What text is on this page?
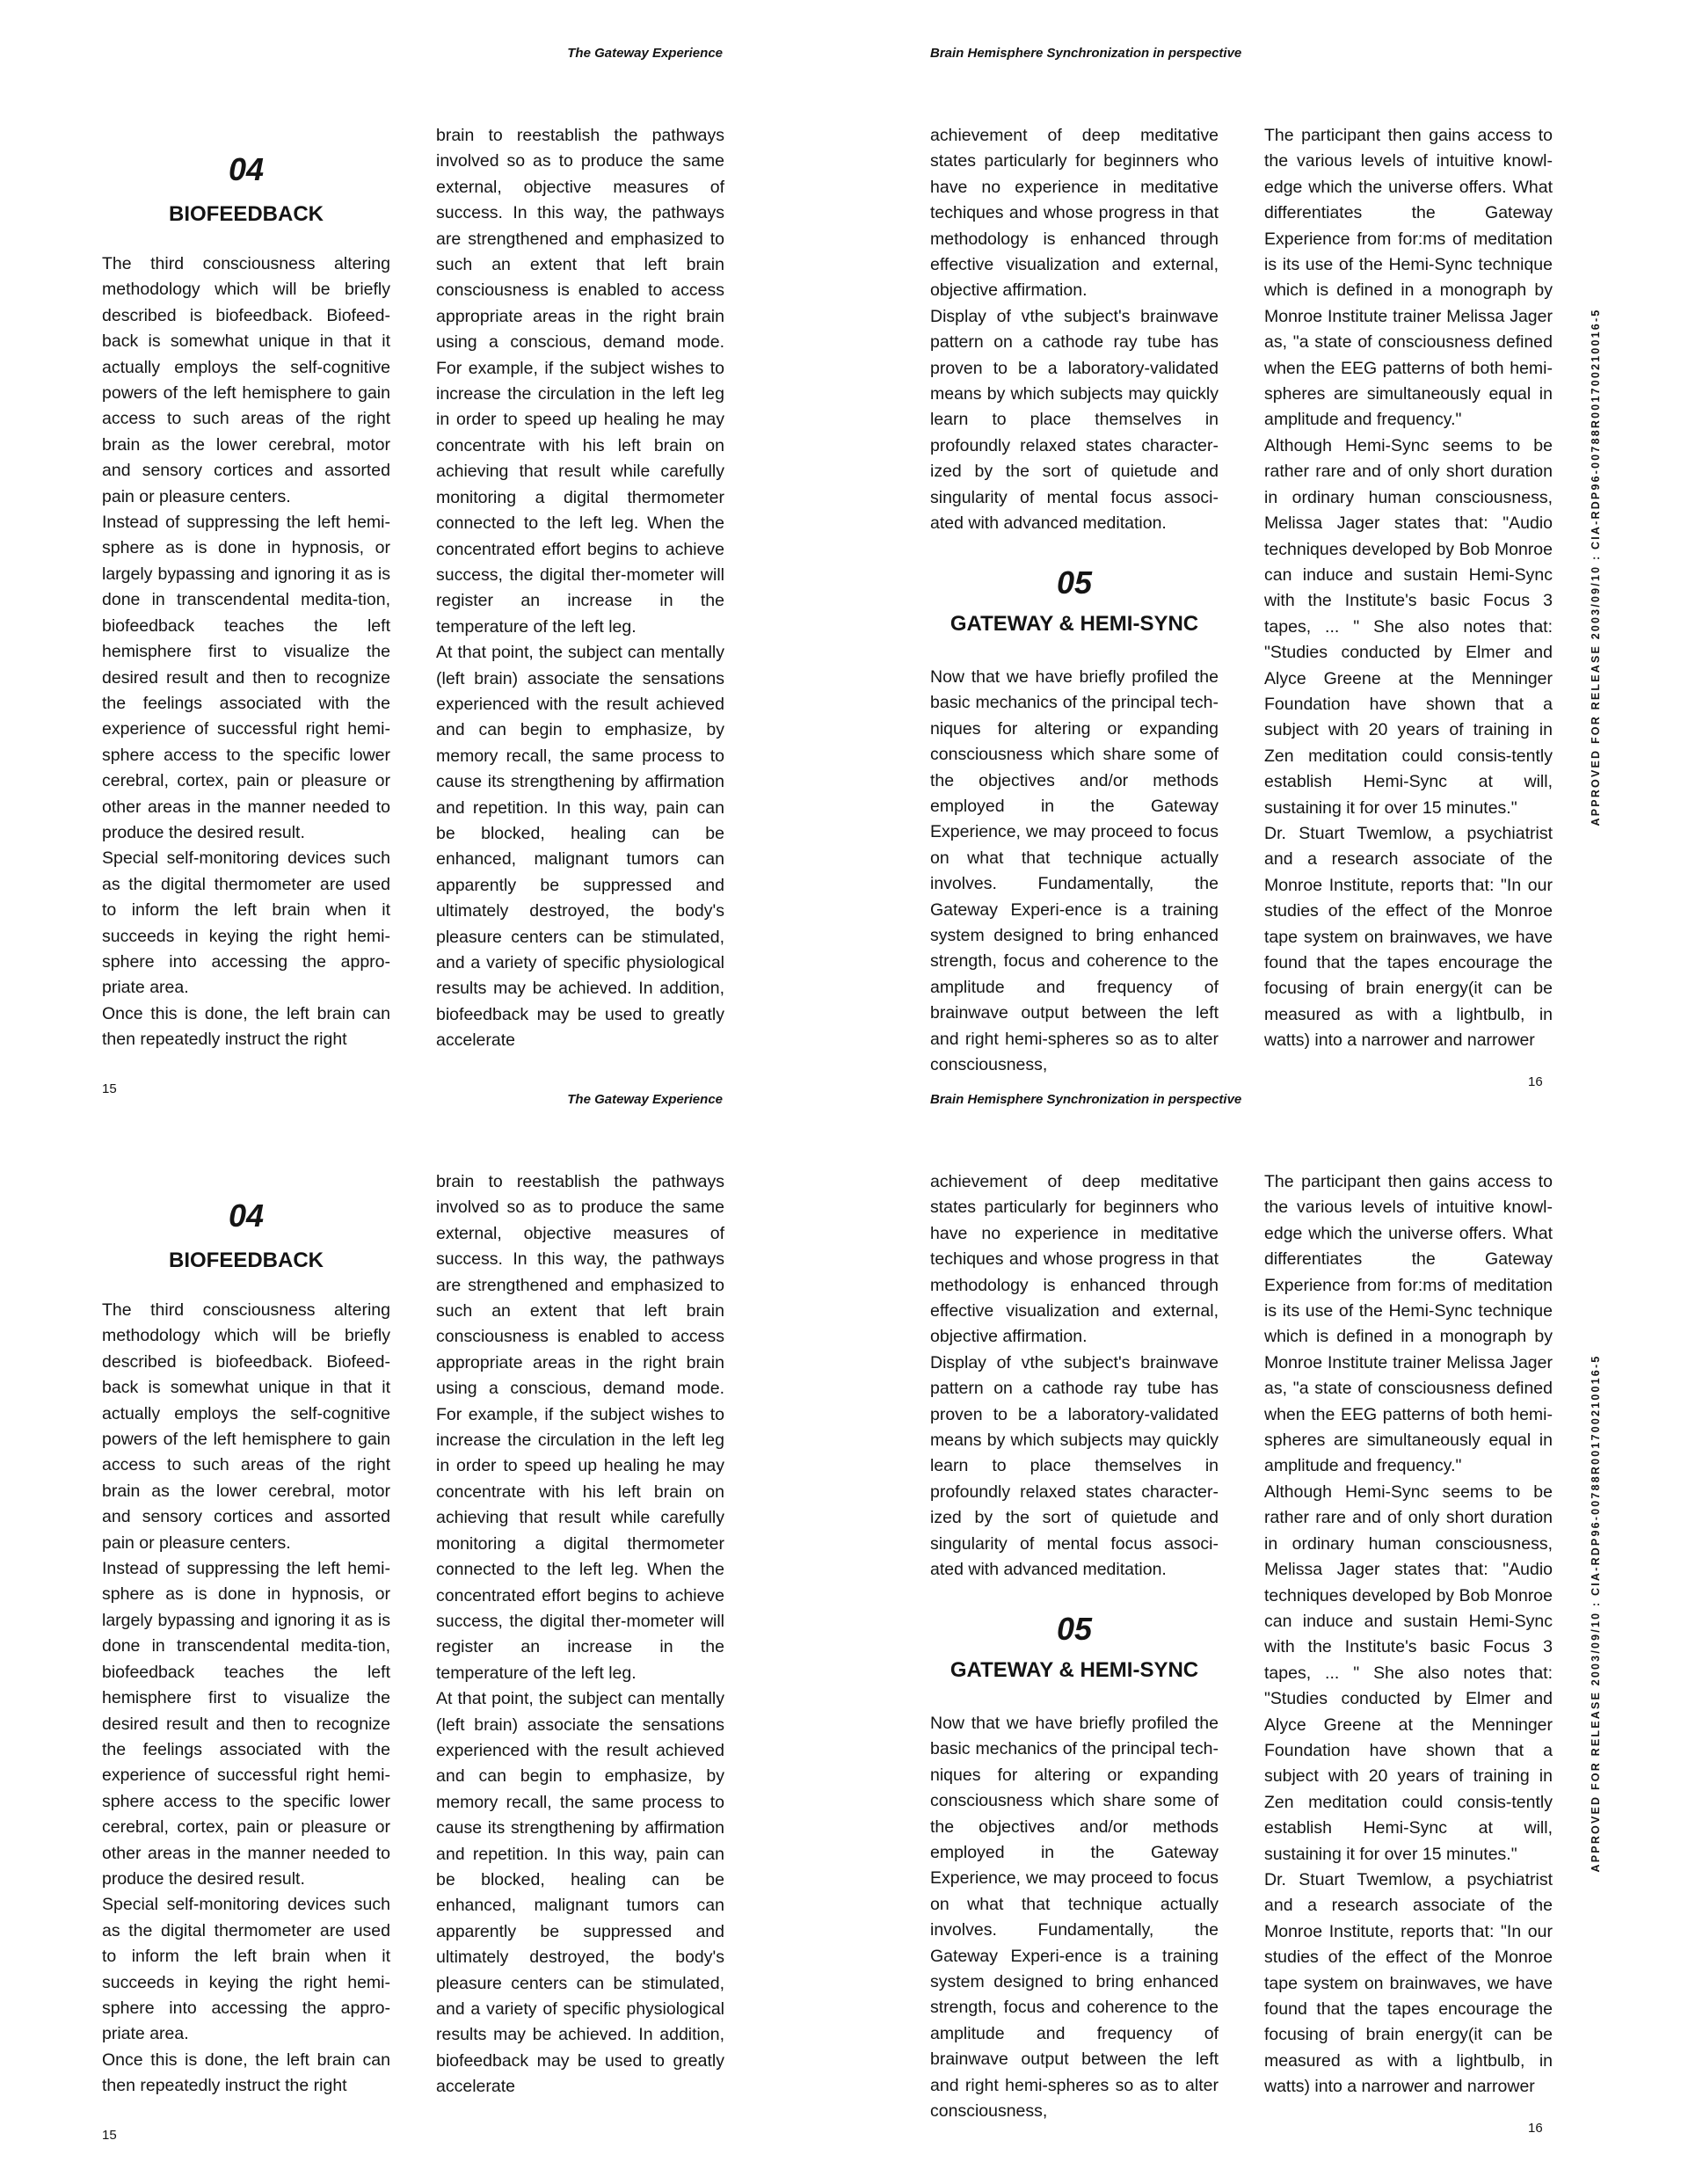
The Gateway Experience	Brain Hemisphere Synchronization in perspective
04
BIOFEEDBACK

The third consciousness altering methodology which will be briefly described is biofeedback. Biofeed-back is somewhat unique in that it actually employs the self-cognitive powers of the left hemisphere to gain access to such areas of the right brain as the lower cerebral, motor and sensory cortices and assorted pain or pleasure centers.

Instead of suppressing the left hemi-sphere as is done in hypnosis, or largely bypassing and ignoring it as is done in transcendental medita-tion, biofeedback teaches the left hemisphere first to visualize the desired result and then to recognize the feelings associated with the experience of successful right hemi-sphere access to the specific lower cerebral, cortex, pain or pleasure or other areas in the manner needed to produce the desired result.

Special self-monitoring devices such as the digital thermometer are used to inform the left brain when it succeeds in keying the right hemi-sphere into accessing the appro-priate area.

Once this is done, the left brain can then repeatedly instruct the right

brain to reestablish the pathways involved so as to produce the same external, objective measures of success. In this way, the pathways are strengthened and emphasized to such an extent that left brain consciousness is enabled to access appropriate areas in the right brain using a conscious, demand mode. For example, if the subject wishes to increase the circulation in the left leg in order to speed up healing he may concentrate with his left brain on achieving that result while carefully monitoring a digital thermometer connected to the left leg. When the concentrated effort begins to achieve success, the digital ther-mometer will register an increase in the temperature of the left leg.

At that point, the subject can mentally (left brain) associate the sensations experienced with the result achieved and can begin to emphasize, by memory recall, the same process to cause its strengthening by affirmation and repetition. In this way, pain can be blocked, healing can be enhanced, malignant tumors can apparently be suppressed and ultimately destroyed, the body's pleasure centers can be stimulated, and a variety of specific physiological results may be achieved. In addition, biofeedback may be used to greatly accelerate

achievement of deep meditative states particularly for beginners who have no experience in meditative techiques and whose progress in that methodology is enhanced through effective visualization and external, objective affirmation.

Display of vthe subject's brainwave pattern on a cathode ray tube has proven to be a laboratory-validated means by which subjects may quickly learn to place themselves in profoundly relaxed states character-ized by the sort of quietude and singularity of mental focus associ-ated with advanced meditation.

05
GATEWAY & HEMI-SYNC

Now that we have briefly profiled the basic mechanics of the principal tech-niques for altering or expanding consciousness which share some of the objectives and/or methods employed in the Gateway Experience, we may proceed to focus on what that technique actually involves. Fundamentally, the Gateway Experi-ence is a training system designed to bring enhanced strength, focus and coherence to the amplitude and frequency of brainwave output between the left and right hemi-spheres so as to alter consciousness,

The participant then gains access to the various levels of intuitive knowl-edge which the universe offers. What differentiates the Gateway Experience from for:ms of meditation is its use of the Hemi-Sync technique which is defined in a monograph by Monroe Institute trainer Melissa Jager as, "a state of consciousness defined when the EEG patterns of both hemi-spheres are simultaneously equal in amplitude and frequency."

Although Hemi-Sync seems to be rather rare and of only short duration in ordinary human consciousness, Melissa Jager states that: "Audio techniques developed by Bob Monroe can induce and sustain Hemi-Sync with the Institute's basic Focus 3 tapes, ... " She also notes that: "Studies conducted by Elmer and Alyce Greene at the Menninger Foundation have shown that a subject with 20 years of training in Zen meditation could consis-tently establish Hemi-Sync at will, sustaining it for over 15 minutes."

Dr. Stuart Twemlow, a psychiatrist and a research associate of the Monroe Institute, reports that: "In our studies of the effect of the Monroe tape system on brainwaves, we have found that the tapes encourage the focusing of brain energy(it can be measured as with a lightbulb, in watts) into a narrower and narrower

15	16
APPROVED FOR RELEASE 2003/09/10 : CIA-RDP96-00788R001700210016-5
The Gateway Experience	Brain Hemisphere Synchronization in perspective
04
BIOFEEDBACK

The third consciousness altering methodology which will be briefly described is biofeedback. Biofeed-back is somewhat unique in that it actually employs the self-cognitive powers of the left hemisphere to gain access to such areas of the right brain as the lower cerebral, motor and sensory cortices and assorted pain or pleasure centers.

Instead of suppressing the left hemi-sphere as is done in hypnosis, or largely bypassing and ignoring it as is done in transcendental medita-tion, biofeedback teaches the left hemisphere first to visualize the desired result and then to recognize the feelings associated with the experience of successful right hemi-sphere access to the specific lower cerebral, cortex, pain or pleasure or other areas in the manner needed to produce the desired result.

Special self-monitoring devices such as the digital thermometer are used to inform the left brain when it succeeds in keying the right hemi-sphere into accessing the appro-priate area.

Once this is done, the left brain can then repeatedly instruct the right

brain to reestablish the pathways involved so as to produce the same external, objective measures of success. In this way, the pathways are strengthened and emphasized to such an extent that left brain consciousness is enabled to access appropriate areas in the right brain using a conscious, demand mode. For example, if the subject wishes to increase the circulation in the left leg in order to speed up healing he may concentrate with his left brain on achieving that result while carefully monitoring a digital thermometer connected to the left leg. When the concentrated effort begins to achieve success, the digital ther-mometer will register an increase in the temperature of the left leg.

At that point, the subject can mentally (left brain) associate the sensations experienced with the result achieved and can begin to emphasize, by memory recall, the same process to cause its strengthening by affirmation and repetition. In this way, pain can be blocked, healing can be enhanced, malignant tumors can apparently be suppressed and ultimately destroyed, the body's pleasure centers can be stimulated, and a variety of specific physiological results may be achieved. In addition, biofeedback may be used to greatly accelerate

achievement of deep meditative states particularly for beginners who have no experience in meditative techiques and whose progress in that methodology is enhanced through effective visualization and external, objective affirmation.

Display of vthe subject's brainwave pattern on a cathode ray tube has proven to be a laboratory-validated means by which subjects may quickly learn to place themselves in profoundly relaxed states character-ized by the sort of quietude and singularity of mental focus associ-ated with advanced meditation.

05
GATEWAY & HEMI-SYNC

Now that we have briefly profiled the basic mechanics of the principal tech-niques for altering or expanding consciousness which share some of the objectives and/or methods employed in the Gateway Experience, we may proceed to focus on what that technique actually involves. Fundamentally, the Gateway Experi-ence is a training system designed to bring enhanced strength, focus and coherence to the amplitude and frequency of brainwave output between the left and right hemi-spheres so as to alter consciousness,

The participant then gains access to the various levels of intuitive knowl-edge which the universe offers. What differentiates the Gateway Experience from for:ms of meditation is its use of the Hemi-Sync technique which is defined in a monograph by Monroe Institute trainer Melissa Jager as, "a state of consciousness defined when the EEG patterns of both hemi-spheres are simultaneously equal in amplitude and frequency."

Although Hemi-Sync seems to be rather rare and of only short duration in ordinary human consciousness, Melissa Jager states that: "Audio techniques developed by Bob Monroe can induce and sustain Hemi-Sync with the Institute's basic Focus 3 tapes, ... " She also notes that: "Studies conducted by Elmer and Alyce Greene at the Menninger Foundation have shown that a subject with 20 years of training in Zen meditation could consis-tently establish Hemi-Sync at will, sustaining it for over 15 minutes."

Dr. Stuart Twemlow, a psychiatrist and a research associate of the Monroe Institute, reports that: "In our studies of the effect of the Monroe tape system on brainwaves, we have found that the tapes encourage the focusing of brain energy(it can be measured as with a lightbulb, in watts) into a narrower and narrower

15	16
APPROVED FOR RELEASE 2003/09/10 : CIA-RDP96-00788R001700210016-5
